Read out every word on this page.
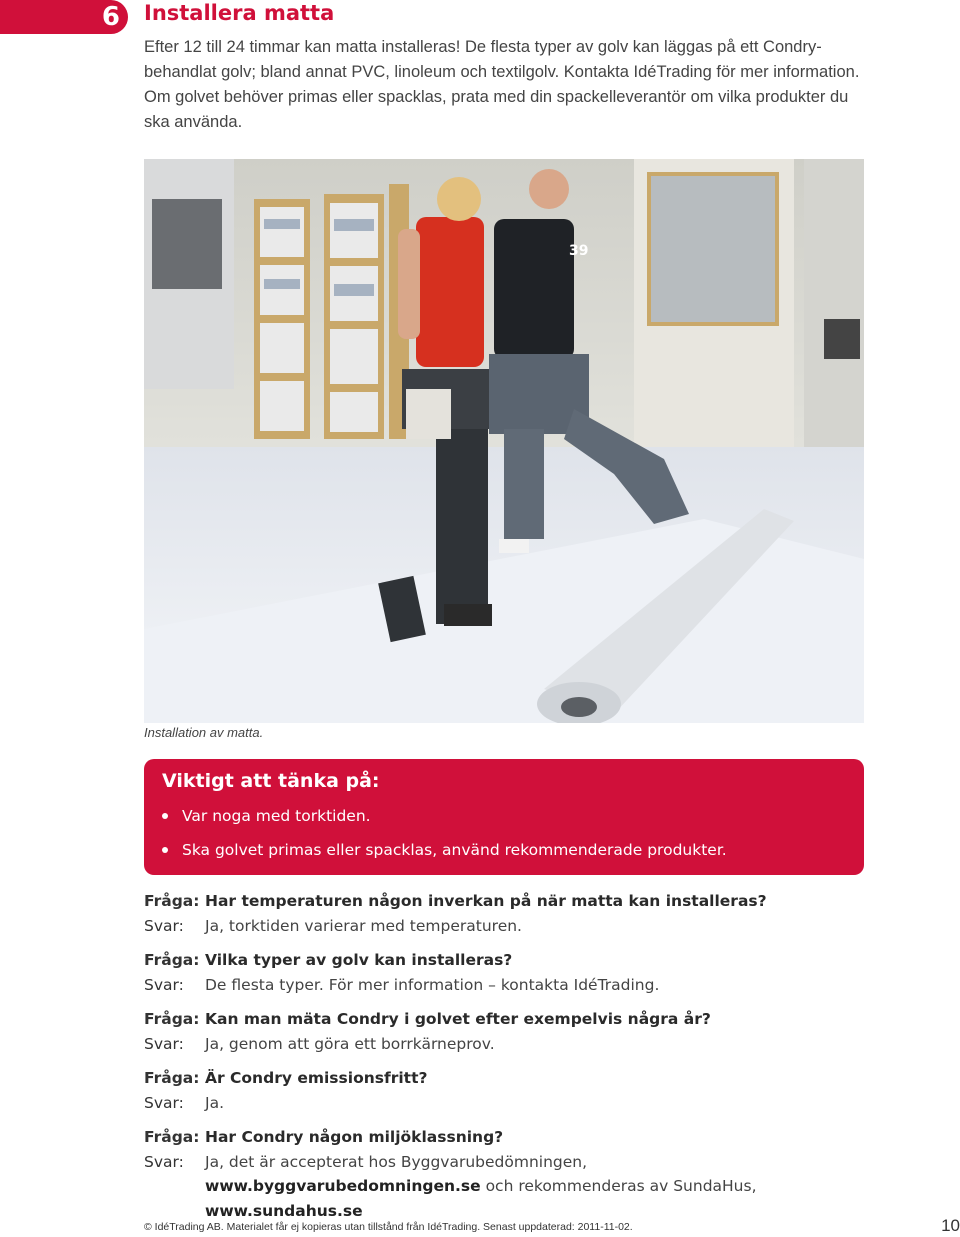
6 Installera matta

Efter 12 till 24 timmar kan matta installeras! De flesta typer av golv kan läggas på ett Condry-behandlat golv; bland annat PVC, linoleum och textilgolv. Kontakta IdéTrading för mer information. Om golvet behöver primas eller spacklas, prata med din spackelleverantör om vilka produkter du ska använda.

39

Installation av matta.

Viktigt att tänka på:
Var noga med torktiden.
Ska golvet primas eller spacklas, använd rekommenderade produkter.
Fråga: Har temperaturen någon inverkan på när matta kan installeras?
Svar:	Ja, torktiden varierar med temperaturen.
Fråga: Vilka typer av golv kan installeras?
Svar:	De flesta typer. För mer information – kontakta IdéTrading.
Fråga: Kan man mäta Condry i golvet efter exempelvis några år?
Svar:	Ja, genom att göra ett borrkärneprov.
Fråga: Är Condry emissionsfritt?
Svar:	Ja.
Fråga: Har Condry någon miljöklassning?
Svar:	Ja, det är accepterat hos Byggvarubedömningen, www.byggvarubedomningen.se och rekommenderas av SundaHus, www.sundahus.se

© IdéTrading AB. Materialet får ej kopieras utan tillstånd från IdéTrading. Senast uppdaterad: 2011-11-02.	10
